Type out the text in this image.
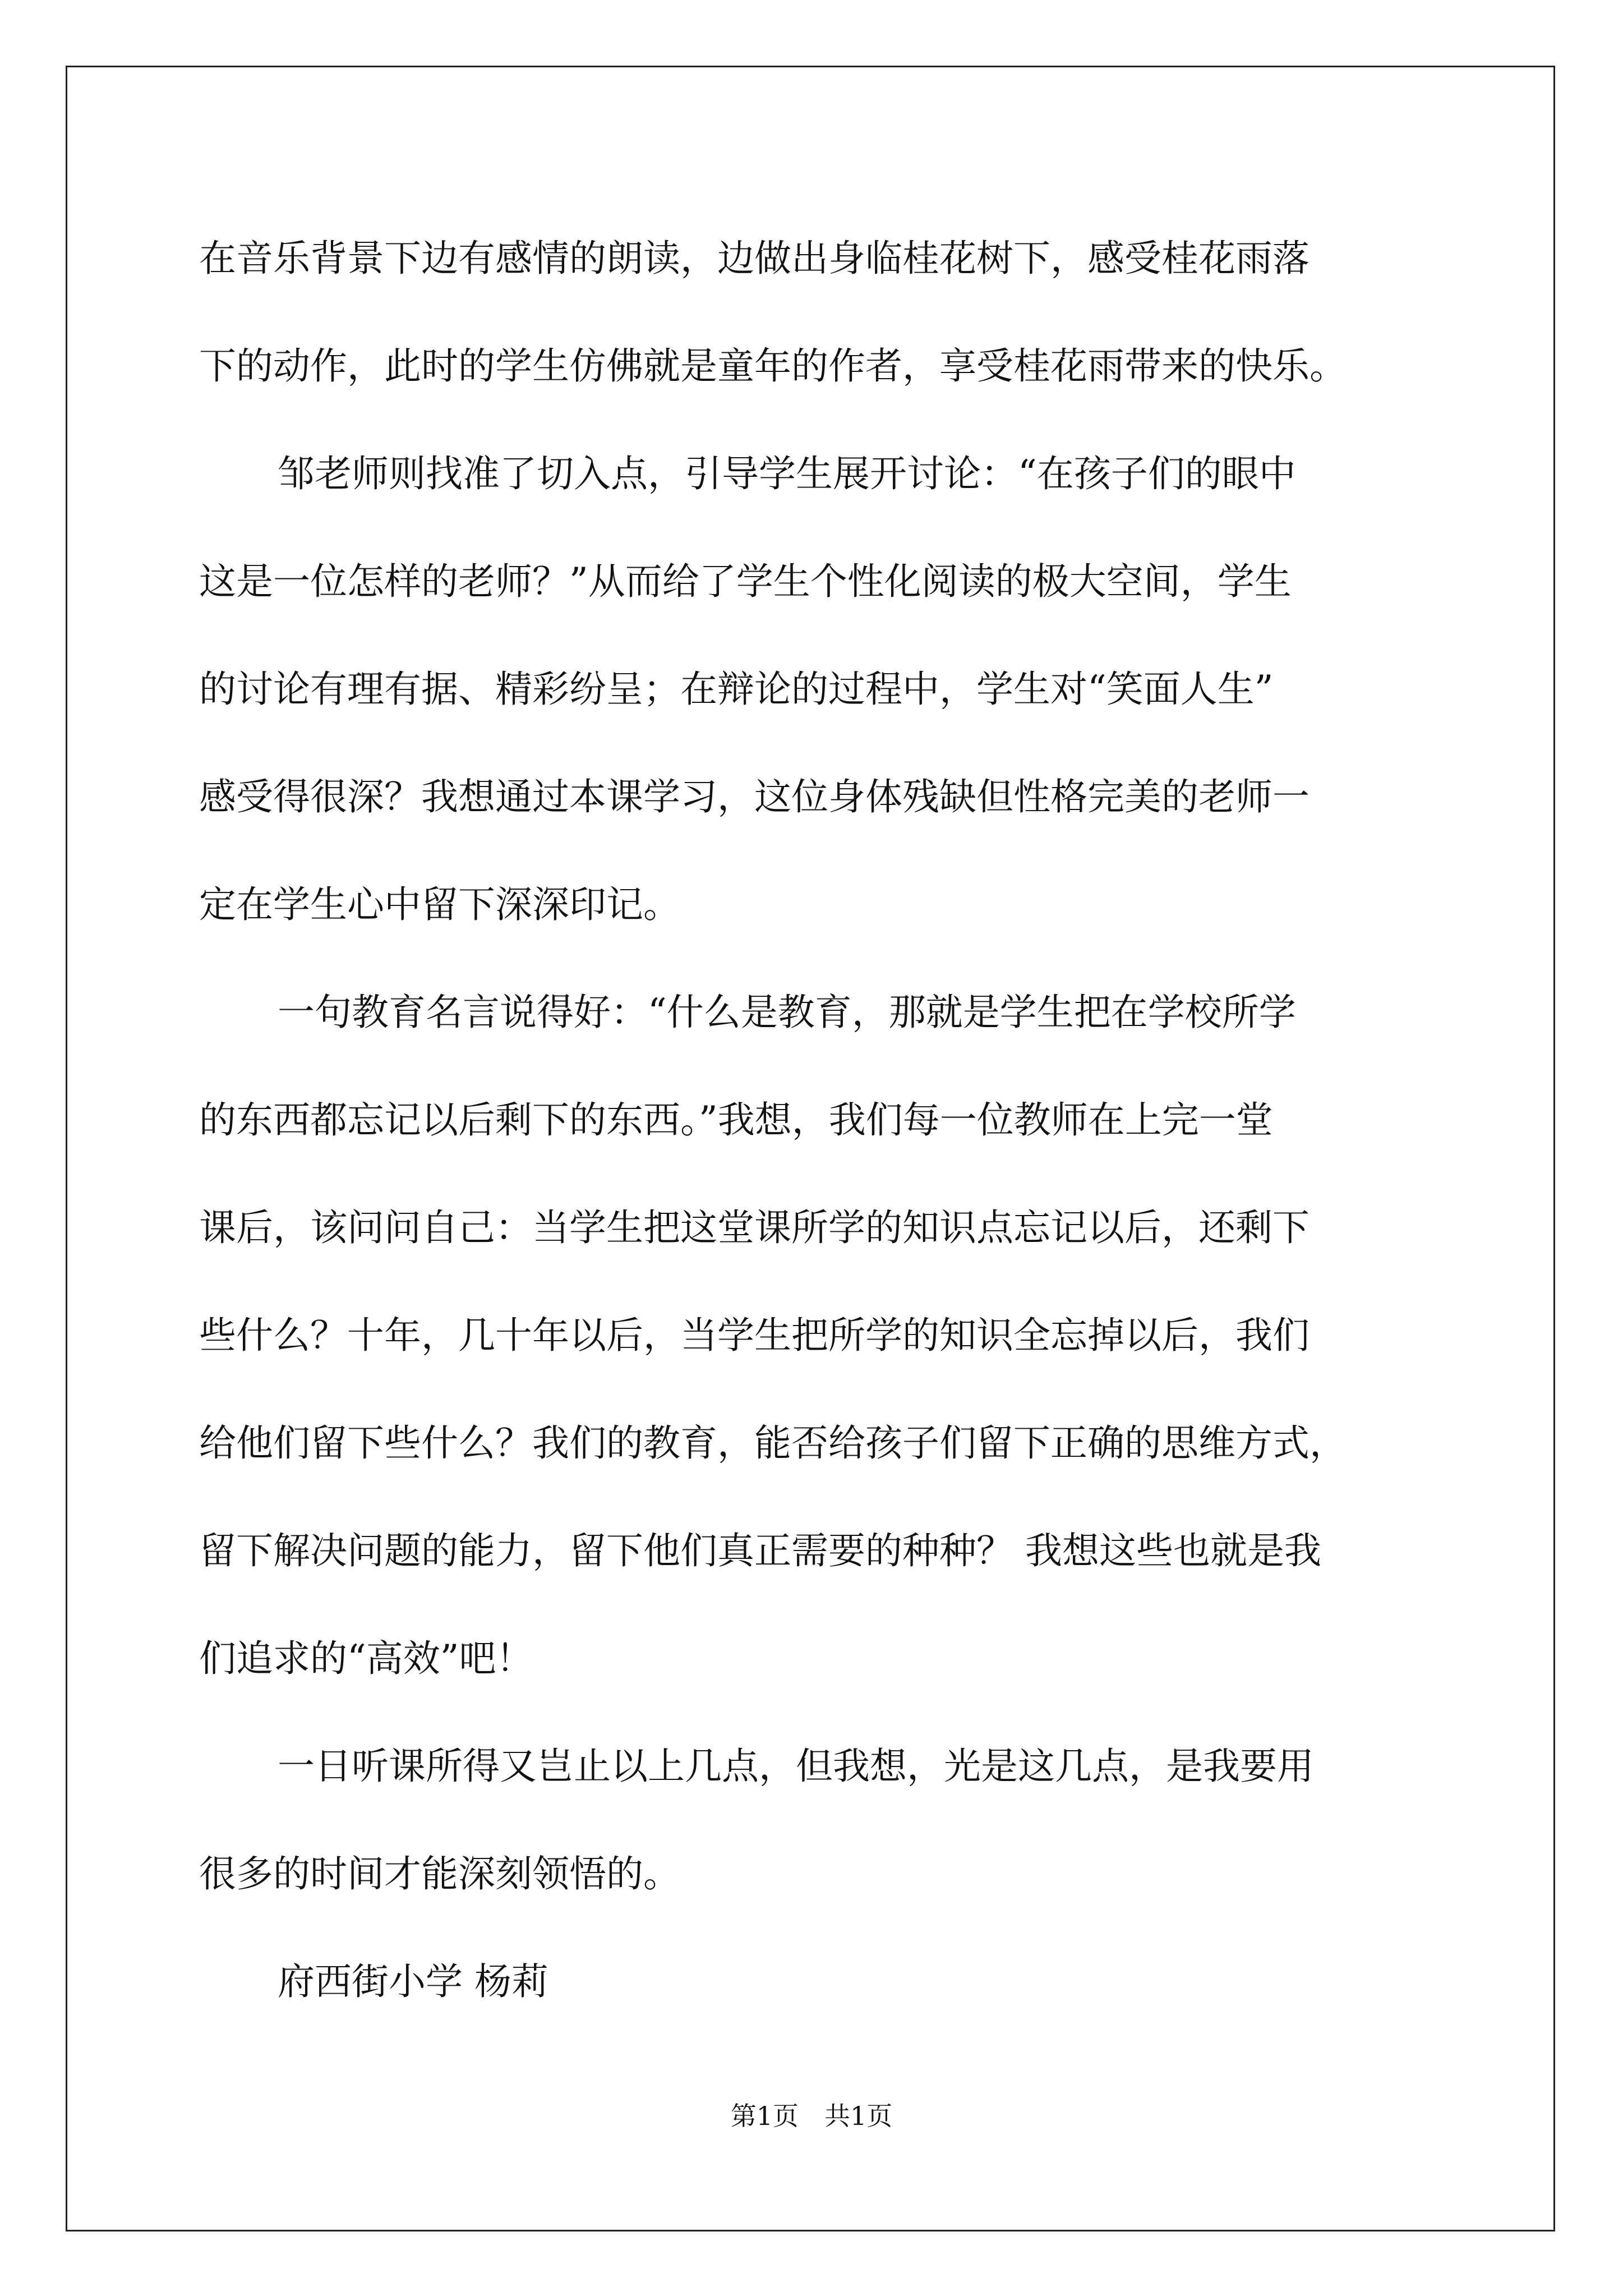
在音乐背景下边有感情的朗读，边做出身临桂花树下，感受桂花雨落
下的动作，此时的学生仿佛就是童年的作者，享受桂花雨带来的快乐。
邹老师则找准了切入点，引导学生展开讨论：“在孩子们的眼中
这是一位怎样的老师？”从而给了学生个性化阅读的极大空间，学生
的讨论有理有据、精彩纷呈；在辩论的过程中，学生对“笑面人生”
感受得很深？我想通过本课学习，这位身体残缺但性格完美的老师一
定在学生心中留下深深印记。
一句教育名言说得好：“什么是教育，那就是学生把在学校所学
的东西都忘记以后剩下的东西。”我想，我们每一位教师在上完一堂
课后，该问问自己：当学生把这堂课所学的知识点忘记以后，还剩下
些什么？十年，几十年以后，当学生把所学的知识全忘掉以后，我们
给他们留下些什么？我们的教育，能否给孩子们留下正确的思维方式，
留下解决问题的能力，留下他们真正需要的种种？ 我想这些也就是我
们追求的“高效”吧！
一日听课所得又岂止以上几点，但我想，光是这几点，是我要用
很多的时间才能深刻领悟的。
府西街小学 杨莉
第1页　共1页
